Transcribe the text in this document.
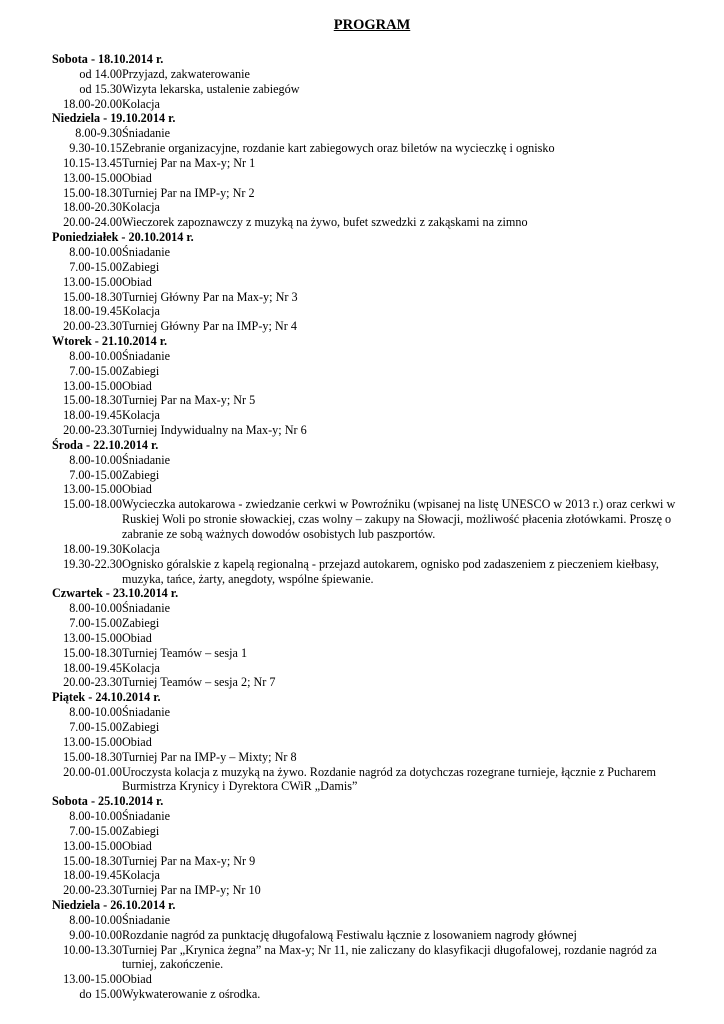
PROGRAM
Sobota - 18.10.2014 r.
od 14.00 Przyjazd, zakwaterowanie
od 15.30 Wizyta lekarska, ustalenie zabiegów
18.00-20.00 Kolacja
Niedziela - 19.10.2014 r.
8.00-9.30 Śniadanie
9.30-10.15 Zebranie organizacyjne, rozdanie kart zabiegowych oraz biletów na wycieczkę i ognisko
10.15-13.45 Turniej Par na Max-y; Nr 1
13.00-15.00 Obiad
15.00-18.30 Turniej Par na IMP-y; Nr 2
18.00-20.30 Kolacja
20.00-24.00 Wieczorek zapoznawczy z muzyką na żywo, bufet szwedzki z zakąskami na zimno
Poniedziałek - 20.10.2014 r.
8.00-10.00 Śniadanie
7.00-15.00 Zabiegi
13.00-15.00 Obiad
15.00-18.30 Turniej Główny Par na Max-y; Nr 3
18.00-19.45 Kolacja
20.00-23.30 Turniej Główny Par na IMP-y; Nr 4
Wtorek - 21.10.2014 r.
8.00-10.00 Śniadanie
7.00-15.00 Zabiegi
13.00-15.00 Obiad
15.00-18.30 Turniej Par na Max-y; Nr 5
18.00-19.45 Kolacja
20.00-23.30 Turniej Indywidualny na Max-y; Nr 6
Środa - 22.10.2014 r.
8.00-10.00 Śniadanie
7.00-15.00 Zabiegi
13.00-15.00 Obiad
15.00-18.00 Wycieczka autokarowa - zwiedzanie cerkwi w Powroźniku (wpisanej na listę UNESCO w 2013 r.) oraz cerkwi w Ruskiej Woli po stronie słowackiej, czas wolny – zakupy na Słowacji, możliwość płacenia złotówkami. Proszę o zabranie ze sobą ważnych dowodów osobistych lub paszportów.
18.00-19.30 Kolacja
19.30-22.30 Ognisko góralskie z kapelą regionalną - przejazd autokarem, ognisko pod zadaszeniem z pieczeniem kiełbasy, muzyka, tańce, żarty, anegdoty, wspólne śpiewanie.
Czwartek - 23.10.2014 r.
8.00-10.00 Śniadanie
7.00-15.00 Zabiegi
13.00-15.00 Obiad
15.00-18.30 Turniej Teamów – sesja 1
18.00-19.45 Kolacja
20.00-23.30 Turniej Teamów – sesja 2; Nr 7
Piątek - 24.10.2014 r.
8.00-10.00 Śniadanie
7.00-15.00 Zabiegi
13.00-15.00 Obiad
15.00-18.30 Turniej Par na IMP-y – Mixty; Nr 8
20.00-01.00 Uroczysta kolacja z muzyką na żywo. Rozdanie nagród za dotychczas rozegrane turnieje, łącznie z Pucharem Burmistrza Krynicy i Dyrektora CWiR „Damis”
Sobota - 25.10.2014 r.
8.00-10.00 Śniadanie
7.00-15.00 Zabiegi
13.00-15.00 Obiad
15.00-18.30 Turniej Par na Max-y; Nr 9
18.00-19.45 Kolacja
20.00-23.30 Turniej Par na IMP-y; Nr 10
Niedziela - 26.10.2014 r.
8.00-10.00 Śniadanie
9.00-10.00 Rozdanie nagród za punktację długofalową Festiwalu łącznie z losowaniem nagrody głównej
10.00-13.30 Turniej Par „Krynica żegna” na Max-y; Nr 11, nie zaliczany do klasyfikacji długofalowej, rozdanie nagród za turniej, zakończenie.
13.00-15.00 Obiad
do 15.00 Wykwaterowanie z ośrodka.
